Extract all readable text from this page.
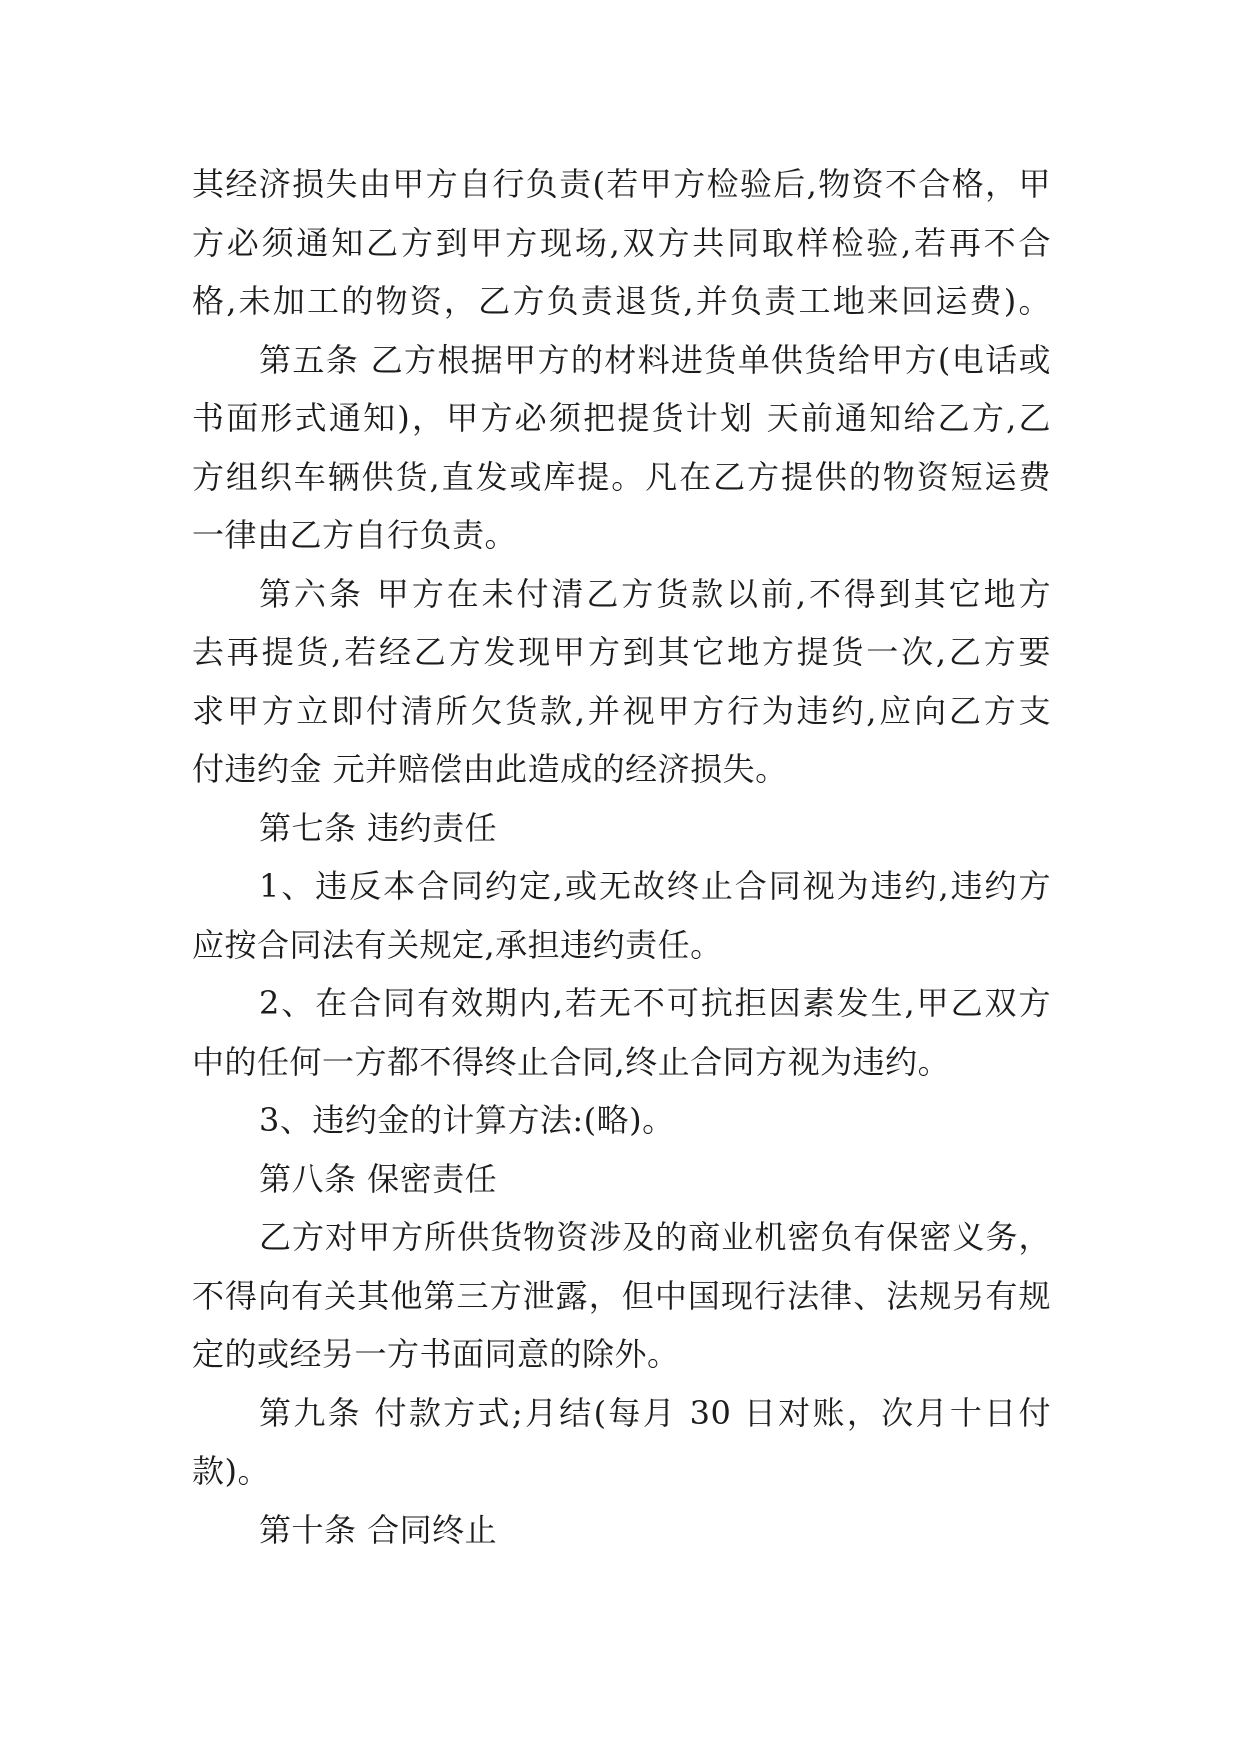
其经济损失由甲方自行负责(若甲方检验后,物资不合格，甲
方必须通知乙方到甲方现场,双方共同取样检验,若再不合
格,未加工的物资，乙方负责退货,并负责工地来回运费)。
第五条 乙方根据甲方的材料进货单供货给甲方(电话或
书面形式通知)，甲方必须把提货计划 天前通知给乙方,乙
方组织车辆供货,直发或库提。凡在乙方提供的物资短运费
一律由乙方自行负责。
第六条 甲方在未付清乙方货款以前,不得到其它地方
去再提货,若经乙方发现甲方到其它地方提货一次,乙方要
求甲方立即付清所欠货款,并视甲方行为违约,应向乙方支
付违约金 元并赔偿由此造成的经济损失。
第七条 违约责任
1、违反本合同约定,或无故终止合同视为违约,违约方
应按合同法有关规定,承担违约责任。
2、在合同有效期内,若无不可抗拒因素发生,甲乙双方
中的任何一方都不得终止合同,终止合同方视为违约。
3、违约金的计算方法:(略)。
第八条 保密责任
乙方对甲方所供货物资涉及的商业机密负有保密义务，
不得向有关其他第三方泄露，但中国现行法律、法规另有规
定的或经另一方书面同意的除外。
第九条 付款方式;月结(每月 30 日对账，次月十日付
款)。
第十条 合同终止
